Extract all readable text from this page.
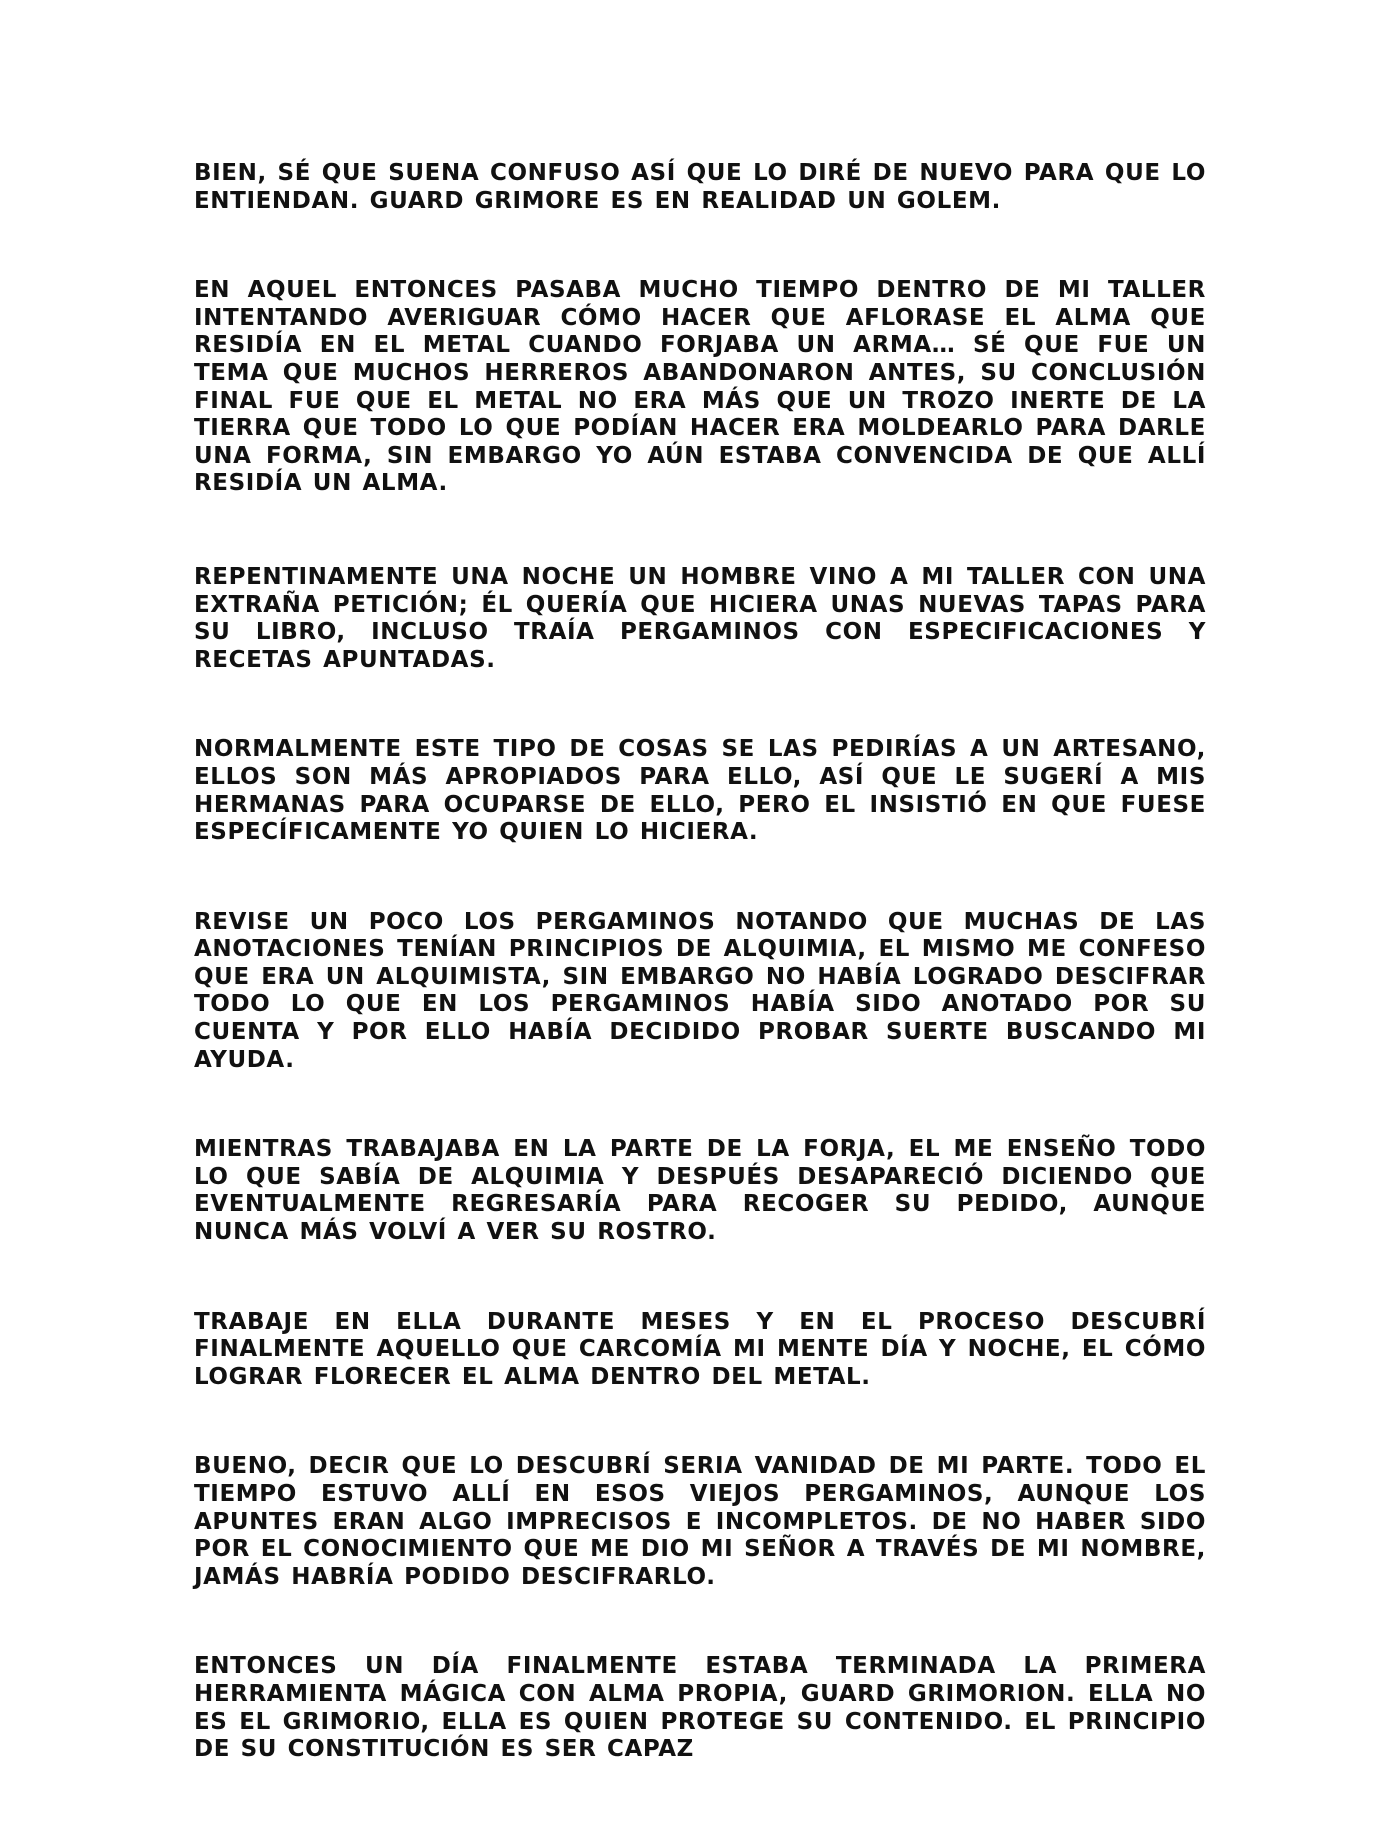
BIEN, SÉ QUE SUENA CONFUSO ASÍ QUE LO DIRÉ DE NUEVO PARA QUE LO ENTIENDAN. GUARD GRIMORE ES EN REALIDAD UN GOLEM.

EN AQUEL ENTONCES PASABA MUCHO TIEMPO DENTRO DE MI TALLER INTENTANDO AVERIGUAR CÓMO HACER QUE AFLORASE EL ALMA QUE RESIDÍA EN EL METAL CUANDO FORJABA UN ARMA… SÉ QUE FUE UN TEMA QUE MUCHOS HERREROS ABANDONARON ANTES, SU CONCLUSIÓN FINAL FUE QUE EL METAL NO ERA MÁS QUE UN TROZO INERTE DE LA TIERRA QUE TODO LO QUE PODÍAN HACER ERA MOLDEARLO PARA DARLE UNA FORMA, SIN EMBARGO YO AÚN ESTABA CONVENCIDA DE QUE ALLÍ RESIDÍA UN ALMA.

REPENTINAMENTE UNA NOCHE UN HOMBRE VINO A MI TALLER CON UNA EXTRAÑA PETICIÓN; ÉL QUERÍA QUE HICIERA UNAS NUEVAS TAPAS PARA SU LIBRO, INCLUSO TRAÍA PERGAMINOS CON ESPECIFICACIONES Y RECETAS APUNTADAS.

NORMALMENTE ESTE TIPO DE COSAS SE LAS PEDIRÍAS A UN ARTESANO, ELLOS SON MÁS APROPIADOS PARA ELLO, ASÍ QUE LE SUGERÍ A MIS HERMANAS PARA OCUPARSE DE ELLO, PERO EL INSISTIÓ EN QUE FUESE ESPECÍFICAMENTE YO QUIEN LO HICIERA.

REVISE UN POCO LOS PERGAMINOS NOTANDO QUE MUCHAS DE LAS ANOTACIONES TENÍAN PRINCIPIOS DE ALQUIMIA, EL MISMO ME CONFESO QUE ERA UN ALQUIMISTA, SIN EMBARGO NO HABÍA LOGRADO DESCIFRAR TODO LO QUE EN LOS PERGAMINOS HABÍA SIDO ANOTADO POR SU CUENTA Y POR ELLO HABÍA DECIDIDO PROBAR SUERTE BUSCANDO MI AYUDA.

MIENTRAS TRABAJABA EN LA PARTE DE LA FORJA, EL ME ENSEÑO TODO LO QUE SABÍA DE ALQUIMIA Y DESPUÉS DESAPARECIÓ DICIENDO QUE EVENTUALMENTE REGRESARÍA PARA RECOGER SU PEDIDO, AUNQUE NUNCA MÁS VOLVÍ A VER SU ROSTRO.

TRABAJE EN ELLA DURANTE MESES Y EN EL PROCESO DESCUBRÍ FINALMENTE AQUELLO QUE CARCOMÍA MI MENTE DÍA Y NOCHE, EL CÓMO LOGRAR FLORECER EL ALMA DENTRO DEL METAL.

BUENO, DECIR QUE LO DESCUBRÍ SERIA VANIDAD DE MI PARTE. TODO EL TIEMPO ESTUVO ALLÍ EN ESOS VIEJOS PERGAMINOS, AUNQUE LOS APUNTES ERAN ALGO IMPRECISOS E INCOMPLETOS. DE NO HABER SIDO POR EL CONOCIMIENTO QUE ME DIO MI SEÑOR A TRAVÉS DE MI NOMBRE, JAMÁS HABRÍA PODIDO DESCIFRARLO.

ENTONCES UN DÍA FINALMENTE ESTABA TERMINADA LA PRIMERA HERRAMIENTA MÁGICA CON ALMA PROPIA, GUARD GRIMORION. ELLA NO ES EL GRIMORIO, ELLA ES QUIEN PROTEGE SU CONTENIDO. EL PRINCIPIO DE SU CONSTITUCIÓN ES SER CAPAZ
